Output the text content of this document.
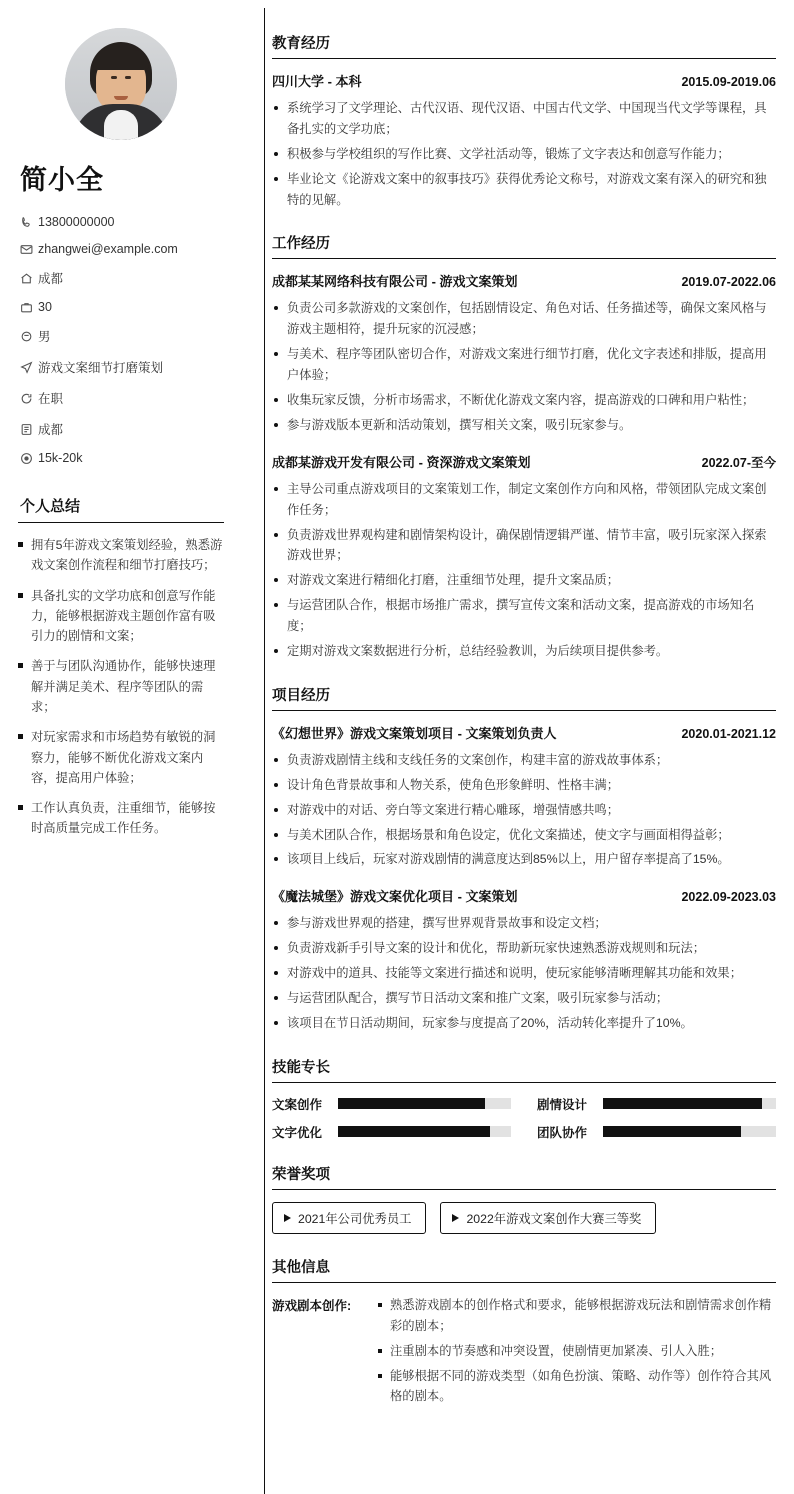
简小全
13800000000
zhangwei@example.com
成都
30
男
游戏文案细节打磨策划
在职
成都
15k-20k
个人总结
拥有5年游戏文案策划经验，熟悉游戏文案创作流程和细节打磨技巧；
具备扎实的文学功底和创意写作能力，能够根据游戏主题创作富有吸引力的剧情和文案；
善于与团队沟通协作，能够快速理解并满足美术、程序等团队的需求；
对玩家需求和市场趋势有敏锐的洞察力，能够不断优化游戏文案内容，提高用户体验；
工作认真负责，注重细节，能够按时高质量完成工作任务。
教育经历
四川大学 - 本科	2015.09-2019.06
系统学习了文学理论、古代汉语、现代汉语、中国古代文学、中国现当代文学等课程，具备扎实的文学功底；
积极参与学校组织的写作比赛、文学社活动等，锻炼了文字表达和创意写作能力；
毕业论文《论游戏文案中的叙事技巧》获得优秀论文称号，对游戏文案有深入的研究和独特的见解。
工作经历
成都某某网络科技有限公司 - 游戏文案策划	2019.07-2022.06
负责公司多款游戏的文案创作，包括剧情设定、角色对话、任务描述等，确保文案风格与游戏主题相符，提升玩家的沉浸感；
与美术、程序等团队密切合作，对游戏文案进行细节打磨，优化文字表述和排版，提高用户体验；
收集玩家反馈，分析市场需求，不断优化游戏文案内容，提高游戏的口碑和用户粘性；
参与游戏版本更新和活动策划，撰写相关文案，吸引玩家参与。
成都某游戏开发有限公司 - 资深游戏文案策划	2022.07-至今
主导公司重点游戏项目的文案策划工作，制定文案创作方向和风格，带领团队完成文案创作任务；
负责游戏世界观构建和剧情架构设计，确保剧情逻辑严谨、情节丰富，吸引玩家深入探索游戏世界；
对游戏文案进行精细化打磨，注重细节处理，提升文案品质；
与运营团队合作，根据市场推广需求，撰写宣传文案和活动文案，提高游戏的市场知名度；
定期对游戏文案数据进行分析，总结经验教训，为后续项目提供参考。
项目经历
《幻想世界》游戏文案策划项目 - 文案策划负责人	2020.01-2021.12
负责游戏剧情主线和支线任务的文案创作，构建丰富的游戏故事体系；
设计角色背景故事和人物关系，使角色形象鲜明、性格丰满；
对游戏中的对话、旁白等文案进行精心雕琢，增强情感共鸣；
与美术团队合作，根据场景和角色设定，优化文案描述，使文字与画面相得益彰；
该项目上线后，玩家对游戏剧情的满意度达到85%以上，用户留存率提高了15%。
《魔法城堡》游戏文案优化项目 - 文案策划	2022.09-2023.03
参与游戏世界观的搭建，撰写世界观背景故事和设定文档；
负责游戏新手引导文案的设计和优化，帮助新玩家快速熟悉游戏规则和玩法；
对游戏中的道具、技能等文案进行描述和说明，使玩家能够清晰理解其功能和效果；
与运营团队配合，撰写节日活动文案和推广文案，吸引玩家参与活动；
该项目在节日活动期间，玩家参与度提高了20%，活动转化率提升了10%。
技能专长
文案创作	剧情设计
文字优化	团队协作
荣誉奖项
2021年公司优秀员工	2022年游戏文案创作大赛三等奖
其他信息
游戏剧本创作:	熟悉游戏剧本的创作格式和要求，能够根据游戏玩法和剧情需求创作精彩的剧本；
注重剧本的节奏感和冲突设置，使剧情更加紧凑、引人入胜；
能够根据不同的游戏类型（如角色扮演、策略、动作等）创作符合其风格的剧本。
